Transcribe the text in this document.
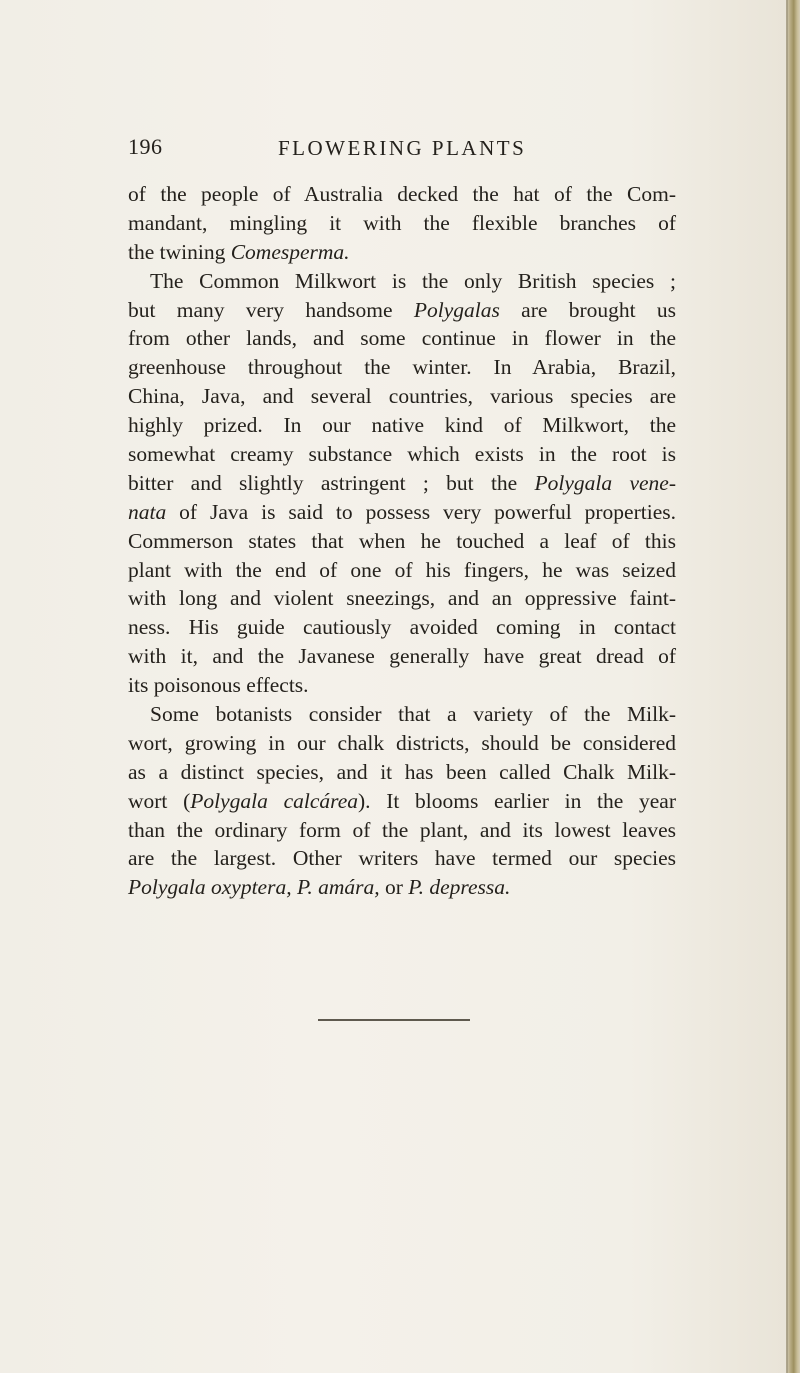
196	FLOWERING PLANTS
of the people of Australia decked the hat of the Com-
mandant, mingling it with the flexible branches of
the twining Comesperma.
The Common Milkwort is the only British species ;
but many very handsome Polygalas are brought us
from other lands, and some continue in flower in the
greenhouse throughout the winter. In Arabia, Brazil,
China, Java, and several countries, various species are
highly prized. In our native kind of Milkwort, the
somewhat creamy substance which exists in the root is
bitter and slightly astringent ; but the Polygala vene-
nata of Java is said to possess very powerful properties.
Commerson states that when he touched a leaf of this
plant with the end of one of his fingers, he was seized
with long and violent sneezings, and an oppressive faint-
ness. His guide cautiously avoided coming in contact
with it, and the Javanese generally have great dread of
its poisonous effects.
Some botanists consider that a variety of the Milk-
wort, growing in our chalk districts, should be considered
as a distinct species, and it has been called Chalk Milk-
wort (Polygala calcárea). It blooms earlier in the year
than the ordinary form of the plant, and its lowest leaves
are the largest. Other writers have termed our species
Polygala oxyptera, P. amára, or P. depressa.
